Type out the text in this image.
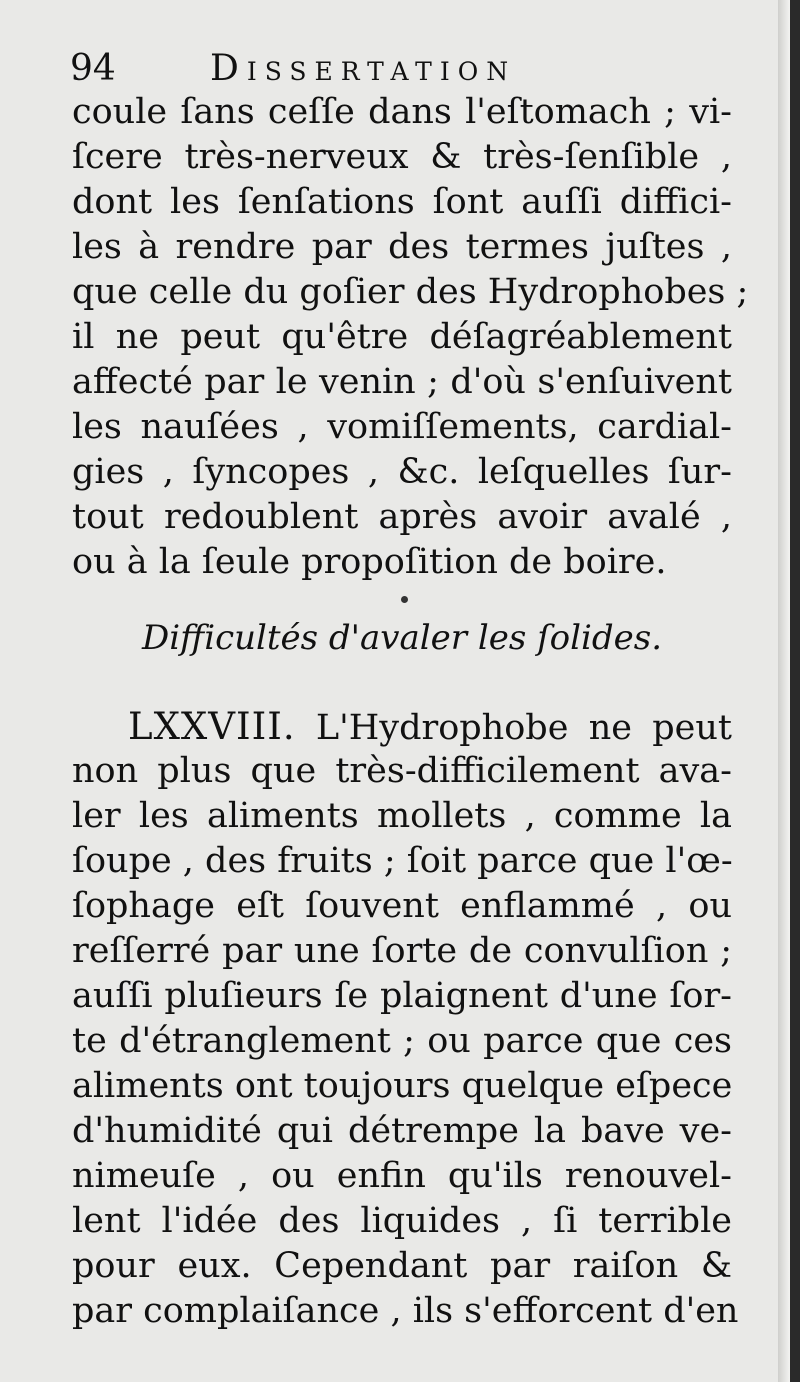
94	Dissertation
coule ſans ceſſe dans l'eſtomach ; vi-
ſcere très-nerveux & très-ſenſible ,
dont les ſenſations ſont auſſi diffici-
les à rendre par des termes juſtes ,
que celle du goſier des Hydrophobes ;
il ne peut qu'être déſagréablement
affecté par le venin ; d'où s'enſuivent
les nauſées , vomiſſements, cardial-
gies , ſyncopes , &c. leſquelles ſur-
tout redoublent après avoir avalé ,
ou à la ſeule propoſition de boire.
Difficultés d'avaler les ſolides.
LXXVIII. L'Hydrophobe ne peut
non plus que très-difficilement ava-
ler les aliments mollets , comme la
ſoupe , des fruits ; ſoit parce que l'œ-
ſophage eſt ſouvent enflammé , ou
reſſerré par une ſorte de convulſion ;
auſſi pluſieurs ſe plaignent d'une ſor-
te d'étranglement ; ou parce que ces
aliments ont toujours quelque eſpece
d'humidité qui détrempe la bave ve-
nimeuſe , ou enfin qu'ils renouvel-
lent l'idée des liquides , ſi terrible
pour eux. Cependant par raiſon &
par complaiſance , ils s'efforcent d'en
